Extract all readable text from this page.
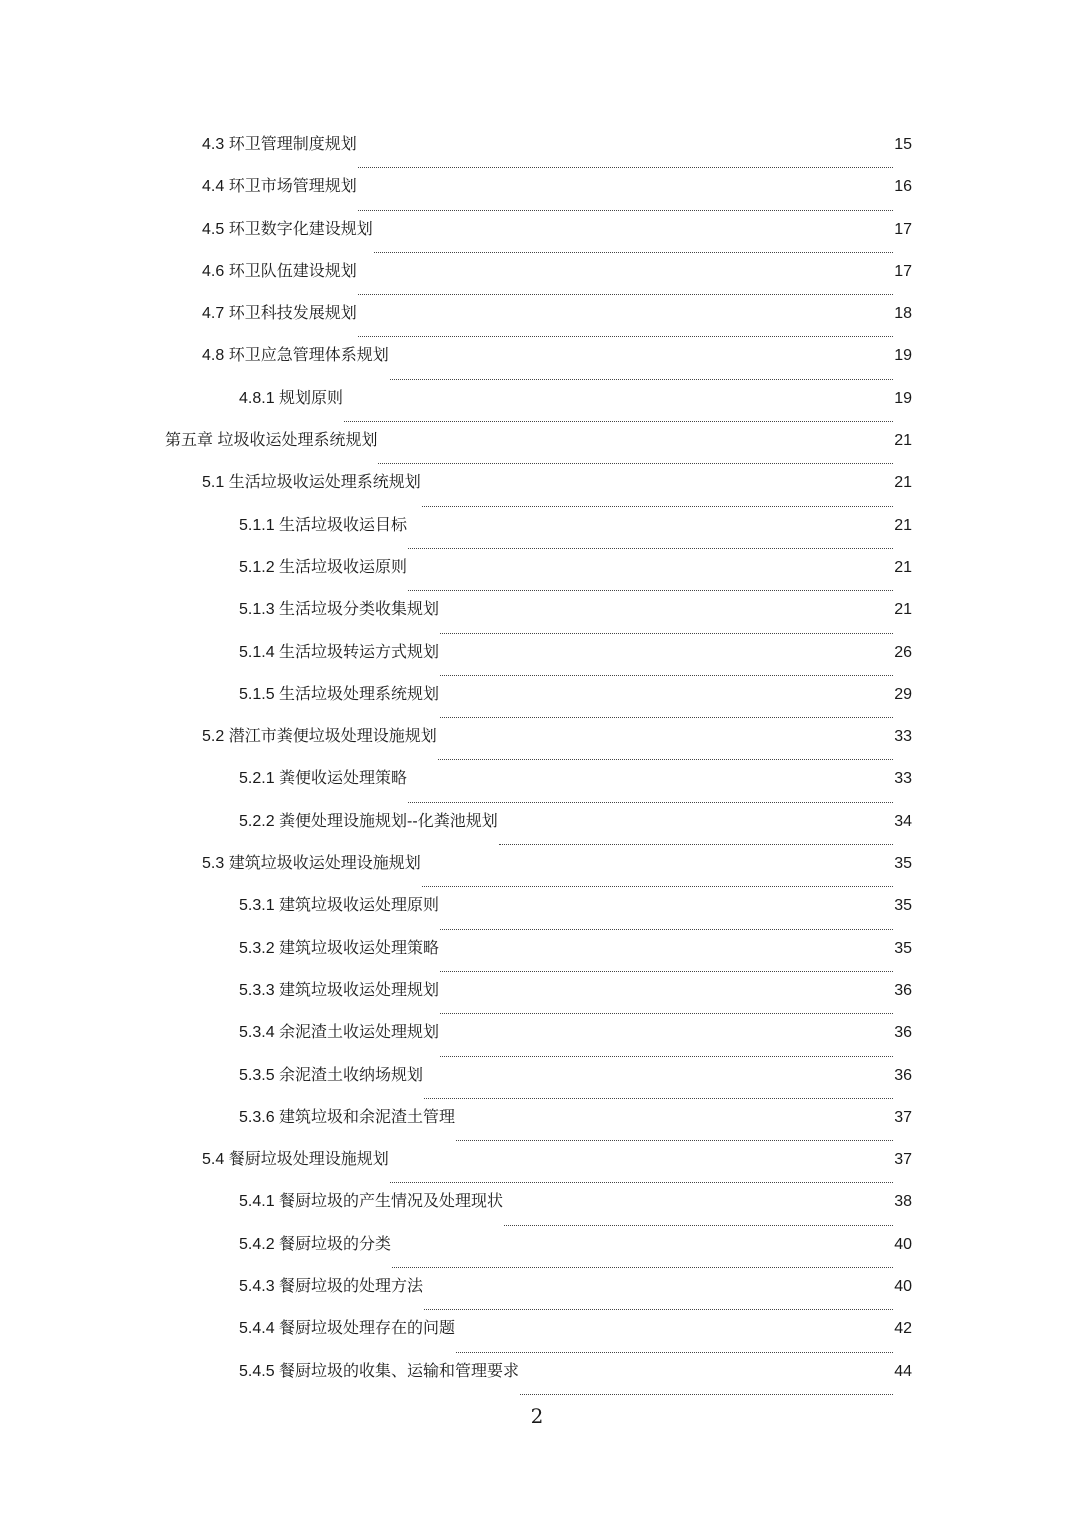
4.3 环卫管理制度规划	15
4.4 环卫市场管理规划	16
4.5 环卫数字化建设规划	17
4.6 环卫队伍建设规划	17
4.7 环卫科技发展规划	18
4.8 环卫应急管理体系规划	19
4.8.1 规划原则	19
第五章 垃圾收运处理系统规划	21
5.1 生活垃圾收运处理系统规划	21
5.1.1 生活垃圾收运目标	21
5.1.2 生活垃圾收运原则	21
5.1.3 生活垃圾分类收集规划	21
5.1.4 生活垃圾转运方式规划	26
5.1.5 生活垃圾处理系统规划	29
5.2 潜江市粪便垃圾处理设施规划	33
5.2.1 粪便收运处理策略	33
5.2.2 粪便处理设施规划--化粪池规划	34
5.3 建筑垃圾收运处理设施规划	35
5.3.1 建筑垃圾收运处理原则	35
5.3.2 建筑垃圾收运处理策略	35
5.3.3 建筑垃圾收运处理规划	36
5.3.4 余泥渣土收运处理规划	36
5.3.5 余泥渣土收纳场规划	36
5.3.6 建筑垃圾和余泥渣土管理	37
5.4 餐厨垃圾处理设施规划	37
5.4.1 餐厨垃圾的产生情况及处理现状	38
5.4.2 餐厨垃圾的分类	40
5.4.3 餐厨垃圾的处理方法	40
5.4.4 餐厨垃圾处理存在的问题	42
5.4.5 餐厨垃圾的收集、运输和管理要求	44
2
